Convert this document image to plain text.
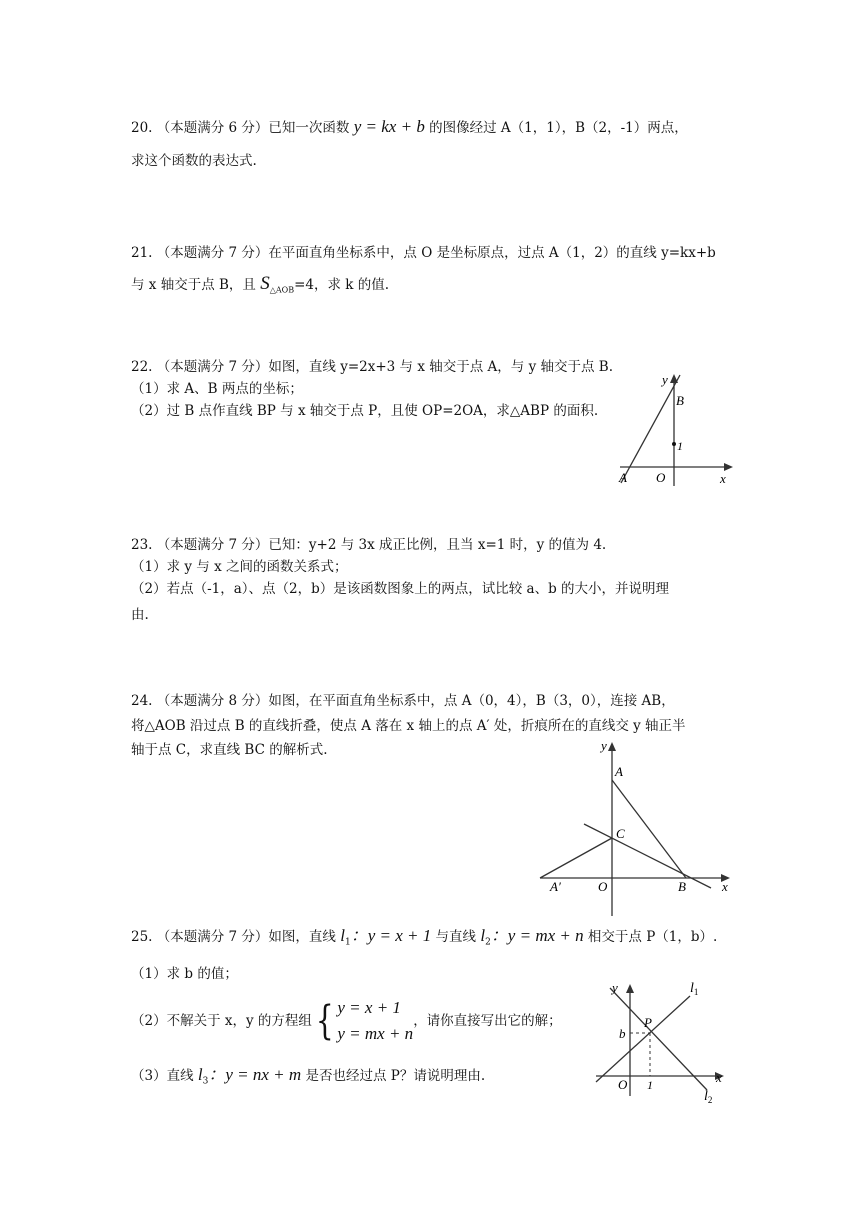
20. （本题满分 6 分）已知一次函数 y = kx + b 的图像经过 A（1，1），B（2，-1）两点，
求这个函数的表达式.
21. （本题满分 7 分）在平面直角坐标系中，点 O 是坐标原点，过点 A（1，2）的直线 y=kx+b
与 x 轴交于点 B，且 $S_{\triangle AOB}=4$，求 k 的值.
22. （本题满分 7 分）如图，直线 y=2x+3 与 x 轴交于点 A，与 y 轴交于点 B.
（1）求 A、B 两点的坐标；
（2）过 B 点作直线 BP 与 x 轴交于点 P，且使 OP=2OA，求△ABP 的面积.
y
B
1
A O	x
23. （本题满分 7 分）已知：y+2 与 3x 成正比例，且当 x=1 时，y 的值为 4.
（1）求 y 与 x 之间的函数关系式；
（2）若点（-1，a）、点（2，b）是该函数图象上的两点，试比较 a、b 的大小，并说明理
由.
24. （本题满分 8 分）如图，在平面直角坐标系中，点 A（0，4），B（3，0），连接 AB，
将△AOB 沿过点 B 的直线折叠，使点 A 落在 x 轴上的点 A′ 处，折痕所在的直线交 y 轴正半
轴于点 C，求直线 BC 的解析式.	y
A
C
A′	O	B	x
25. （本题满分 7 分）如图，直线 $l_1$：y = x + 1 与直线 $l_2$：y = mx + n 相交于点 P（1，b）.
（1）求 b 的值；
（2）不解关于 x，y 的方程组{ y = x + 1
y = mx + n
，请你直接写出它的解；
（3）直线 $l_3$：y = nx + m 是否也经过点 P？请说明理由.
y	$l_1$
P
b
O 1	x
$l_2$
